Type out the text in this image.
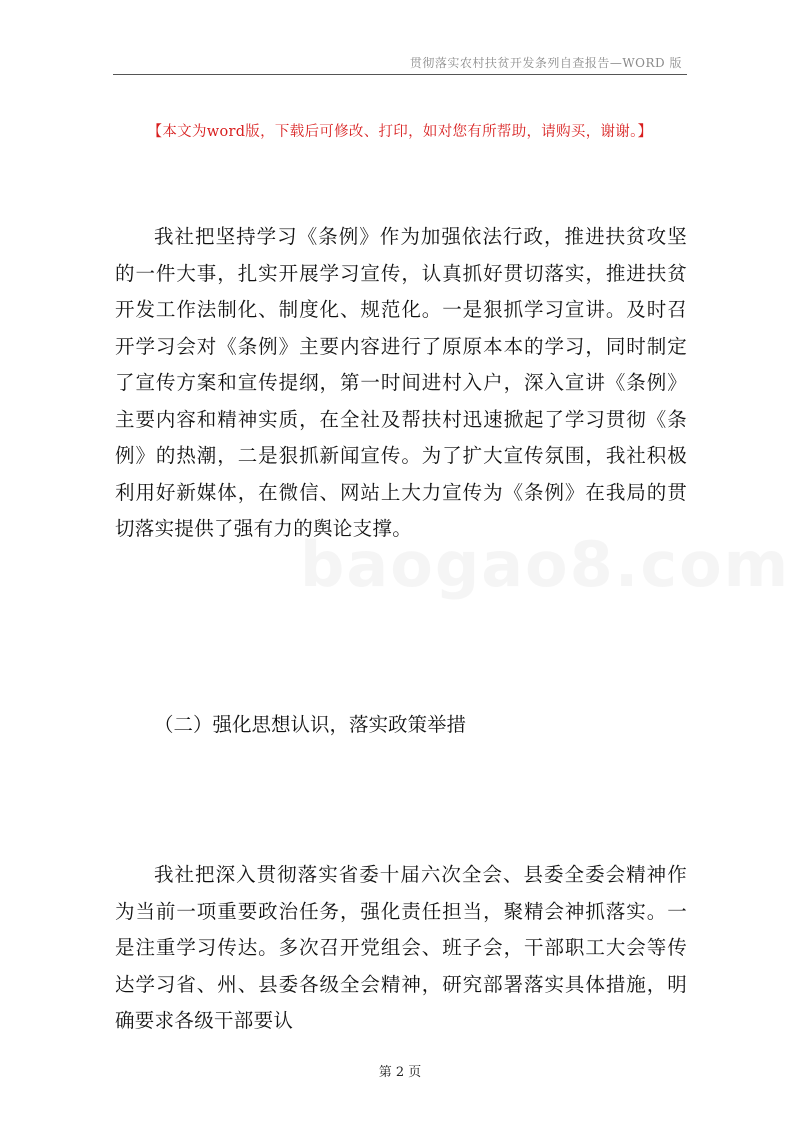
贯彻落实农村扶贫开发条列自查报告—WORD 版
【本文为word版，下载后可修改、打印，如对您有所帮助，请购买，谢谢。】
baogao8.com

我社把坚持学习《条例》作为加强依法行政，推进扶贫攻坚的一件大事，扎实开展学习宣传，认真抓好贯切落实，推进扶贫开发工作法制化、制度化、规范化。一是狠抓学习宣讲。及时召开学习会对《条例》主要内容进行了原原本本的学习，同时制定了宣传方案和宣传提纲，第一时间进村入户，深入宣讲《条例》主要内容和精神实质，在全社及帮扶村迅速掀起了学习贯彻《条例》的热潮，二是狠抓新闻宣传。为了扩大宣传氛围，我社积极利用好新媒体，在微信、网站上大力宣传为《条例》在我局的贯切落实提供了强有力的舆论支撑。

（二）强化思想认识，落实政策举措

我社把深入贯彻落实省委十届六次全会、县委全委会精神作为当前一项重要政治任务，强化责任担当，聚精会神抓落实。一是注重学习传达。多次召开党组会、班子会，干部职工大会等传达学习省、州、县委各级全会精神，研究部署落实具体措施，明确要求各级干部要认

第 2 页
